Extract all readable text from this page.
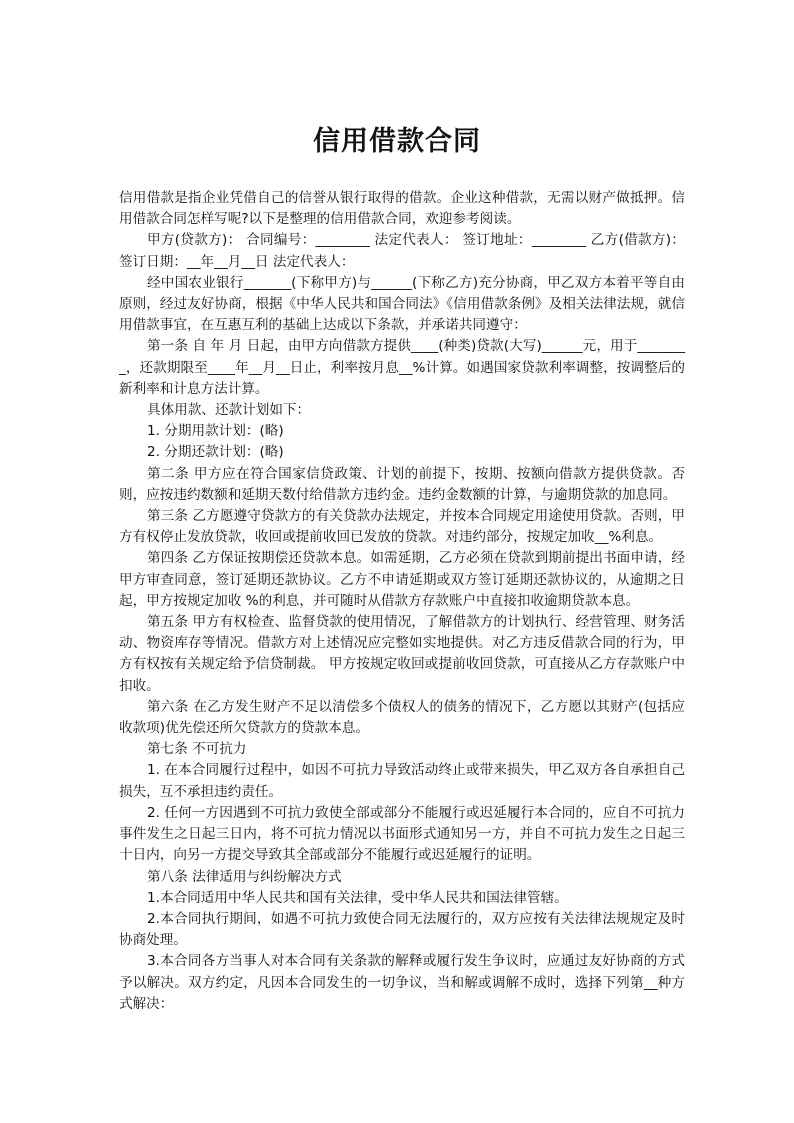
信用借款合同

信用借款是指企业凭借自己的信誉从银行取得的借款。企业这种借款，无需以财产做抵押。信用借款合同怎样写呢?以下是整理的信用借款合同，欢迎参考阅读。

甲方(贷款方)： 合同编号：________ 法定代表人： 签订地址：________ 乙方(借款方)： 签订日期：__年__月__日 法定代表人：

经中国农业银行_______(下称甲方)与______(下称乙方)充分协商，甲乙双方本着平等自由原则，经过友好协商，根据《中华人民共和国合同法》《信用借款条例》及相关法律法规，就信用借款事宜，在互惠互利的基础上达成以下条款，并承诺共同遵守：

第一条 自 年 月 日起，由甲方向借款方提供____(种类)贷款(大写)______元，用于________，还款期限至____年__月__日止，利率按月息__%计算。如遇国家贷款利率调整，按调整后的新利率和计息方法计算。

具体用款、还款计划如下：

1. 分期用款计划：(略)

2. 分期还款计划：(略)

第二条 甲方应在符合国家信贷政策、计划的前提下，按期、按额向借款方提供贷款。否则，应按违约数额和延期天数付给借款方违约金。违约金数额的计算，与逾期贷款的加息同。

第三条 乙方愿遵守贷款方的有关贷款办法规定，并按本合同规定用途使用贷款。否则，甲方有权停止发放贷款，收回或提前收回已发放的贷款。对违约部分，按规定加收__%利息。

第四条 乙方保证按期偿还贷款本息。如需延期，乙方必须在贷款到期前提出书面申请，经甲方审查同意，签订延期还款协议。乙方不申请延期或双方签订延期还款协议的，从逾期之日起，甲方按规定加收 %的利息，并可随时从借款方存款账户中直接扣收逾期贷款本息。

第五条 甲方有权检查、监督贷款的使用情况，了解借款方的计划执行、经营管理、财务活动、物资库存等情况。借款方对上述情况应完整如实地提供。对乙方违反借款合同的行为，甲方有权按有关规定给予信贷制裁。 甲方按规定收回或提前收回贷款，可直接从乙方存款账户中扣收。

第六条 在乙方发生财产不足以清偿多个债权人的债务的情况下，乙方愿以其财产(包括应收款项)优先偿还所欠贷款方的贷款本息。

第七条 不可抗力

1. 在本合同履行过程中，如因不可抗力导致活动终止或带来损失，甲乙双方各自承担自己损失，互不承担违约责任。

2. 任何一方因遇到不可抗力致使全部或部分不能履行或迟延履行本合同的，应自不可抗力事件发生之日起三日内，将不可抗力情况以书面形式通知另一方，并自不可抗力发生之日起三十日内，向另一方提交导致其全部或部分不能履行或迟延履行的证明。

第八条 法律适用与纠纷解决方式

1.本合同适用中华人民共和国有关法律，受中华人民共和国法律管辖。

2.本合同执行期间，如遇不可抗力致使合同无法履行的，双方应按有关法律法规规定及时协商处理。

3.本合同各方当事人对本合同有关条款的解释或履行发生争议时，应通过友好协商的方式予以解决。双方约定，凡因本合同发生的一切争议，当和解或调解不成时，选择下列第__种方式解决：
